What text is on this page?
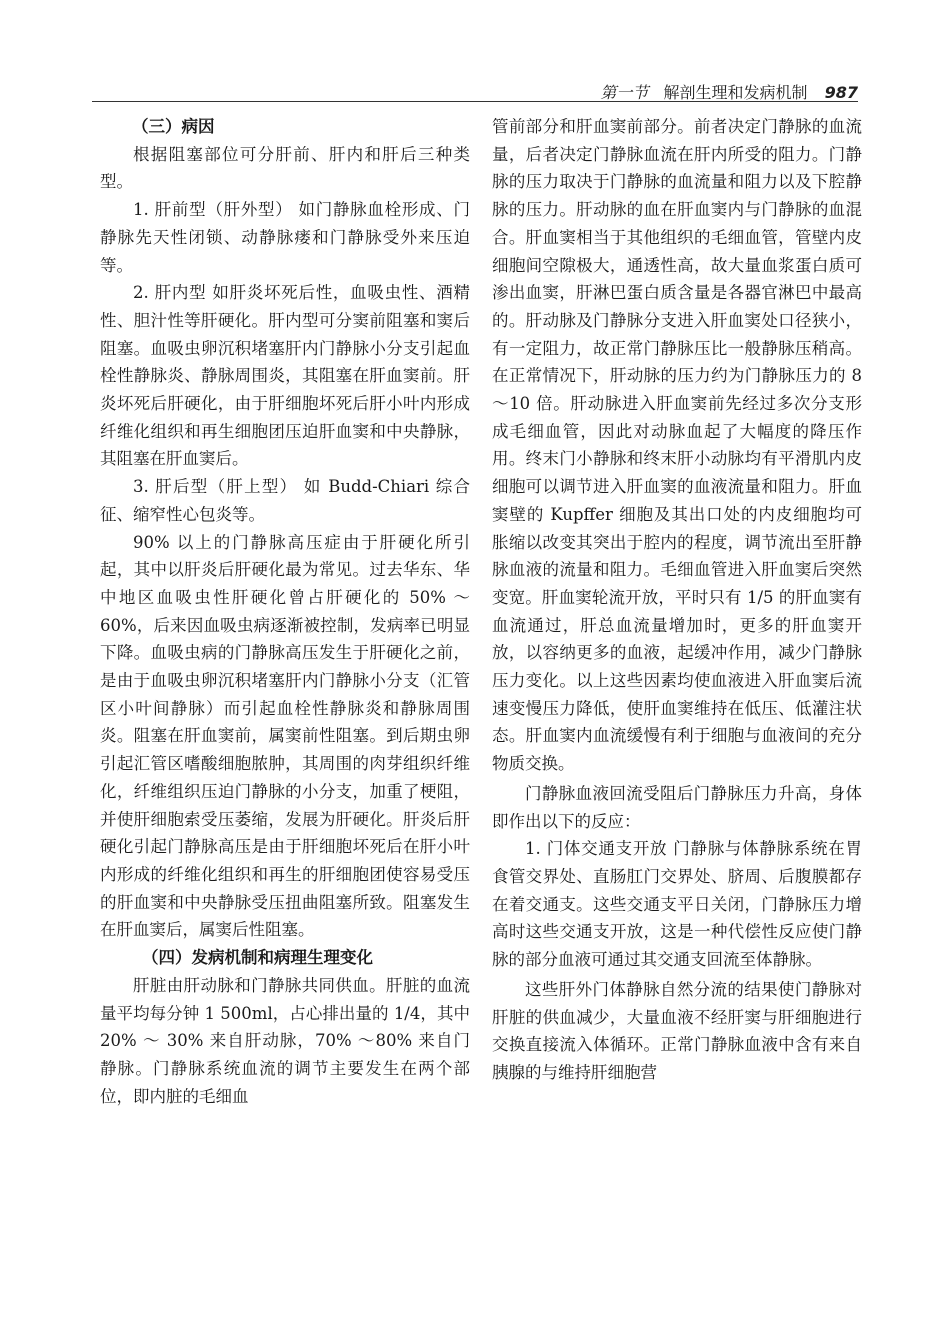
第一节 解剖生理和发病机制 987
（三）病因

根据阻塞部位可分肝前、肝内和肝后三种类型。

1. 肝前型（肝外型） 如门静脉血栓形成、门静脉先天性闭锁、动静脉瘘和门静脉受外来压迫等。

2. 肝内型 如肝炎坏死后性，血吸虫性、酒精性、胆汁性等肝硬化。肝内型可分窦前阻塞和窦后阻塞。血吸虫卵沉积堵塞肝内门静脉小分支引起血栓性静脉炎、静脉周围炎，其阻塞在肝血窦前。肝炎坏死后肝硬化，由于肝细胞坏死后肝小叶内形成纤维化组织和再生细胞团压迫肝血窦和中央静脉，其阻塞在肝血窦后。

3. 肝后型（肝上型） 如 Budd-Chiari 综合征、缩窄性心包炎等。

90% 以上的门静脉高压症由于肝硬化所引起，其中以肝炎后肝硬化最为常见。过去华东、华中地区血吸虫性肝硬化曾占肝硬化的 50% ～60%，后来因血吸虫病逐渐被控制，发病率已明显下降。血吸虫病的门静脉高压发生于肝硬化之前，是由于血吸虫卵沉积堵塞肝内门静脉小分支（汇管区小叶间静脉）而引起血栓性静脉炎和静脉周围炎。阻塞在肝血窦前，属窦前性阻塞。到后期虫卵引起汇管区嗜酸细胞脓肿，其周围的肉芽组织纤维化，纤维组织压迫门静脉的小分支，加重了梗阻，并使肝细胞索受压萎缩，发展为肝硬化。肝炎后肝硬化引起门静脉高压是由于肝细胞坏死后在肝小叶内形成的纤维化组织和再生的肝细胞团使容易受压的肝血窦和中央静脉受压扭曲阻塞所致。阻塞发生在肝血窦后，属窦后性阻塞。

（四）发病机制和病理生理变化

肝脏由肝动脉和门静脉共同供血。肝脏的血流量平均每分钟 1 500ml，占心排出量的 1/4，其中 20% ～ 30% 来自肝动脉，70% ～80% 来自门静脉。门静脉系统血流的调节主要发生在两个部位，即内脏的毛细血

管前部分和肝血窦前部分。前者决定门静脉的血流量，后者决定门静脉血流在肝内所受的阻力。门静脉的压力取决于门静脉的血流量和阻力以及下腔静脉的压力。肝动脉的血在肝血窦内与门静脉的血混合。肝血窦相当于其他组织的毛细血管，管壁内皮细胞间空隙极大，通透性高，故大量血浆蛋白质可渗出血窦，肝淋巴蛋白质含量是各器官淋巴中最高的。肝动脉及门静脉分支进入肝血窦处口径狭小，有一定阻力，故正常门静脉压比一般静脉压稍高。在正常情况下，肝动脉的压力约为门静脉压力的 8 ～10 倍。肝动脉进入肝血窦前先经过多次分支形成毛细血管，因此对动脉血起了大幅度的降压作用。终末门小静脉和终末肝小动脉均有平滑肌内皮细胞可以调节进入肝血窦的血液流量和阻力。肝血窦壁的 Kupffer 细胞及其出口处的内皮细胞均可胀缩以改变其突出于腔内的程度，调节流出至肝静脉血液的流量和阻力。毛细血管进入肝血窦后突然变宽。肝血窦轮流开放，平时只有 1/5 的肝血窦有血流通过，肝总血流量增加时，更多的肝血窦开放，以容纳更多的血液，起缓冲作用，减少门静脉压力变化。以上这些因素均使血液进入肝血窦后流速变慢压力降低，使肝血窦维持在低压、低灌注状态。肝血窦内血流缓慢有利于细胞与血液间的充分物质交换。

门静脉血液回流受阻后门静脉压力升高，身体即作出以下的反应：

1. 门体交通支开放 门静脉与体静脉系统在胃食管交界处、直肠肛门交界处、脐周、后腹膜都存在着交通支。这些交通支平日关闭，门静脉压力增高时这些交通支开放，这是一种代偿性反应使门静脉的部分血液可通过其交通支回流至体静脉。

这些肝外门体静脉自然分流的结果使门静脉对肝脏的供血减少，大量血液不经肝窦与肝细胞进行交换直接流入体循环。正常门静脉血液中含有来自胰腺的与维持肝细胞营
